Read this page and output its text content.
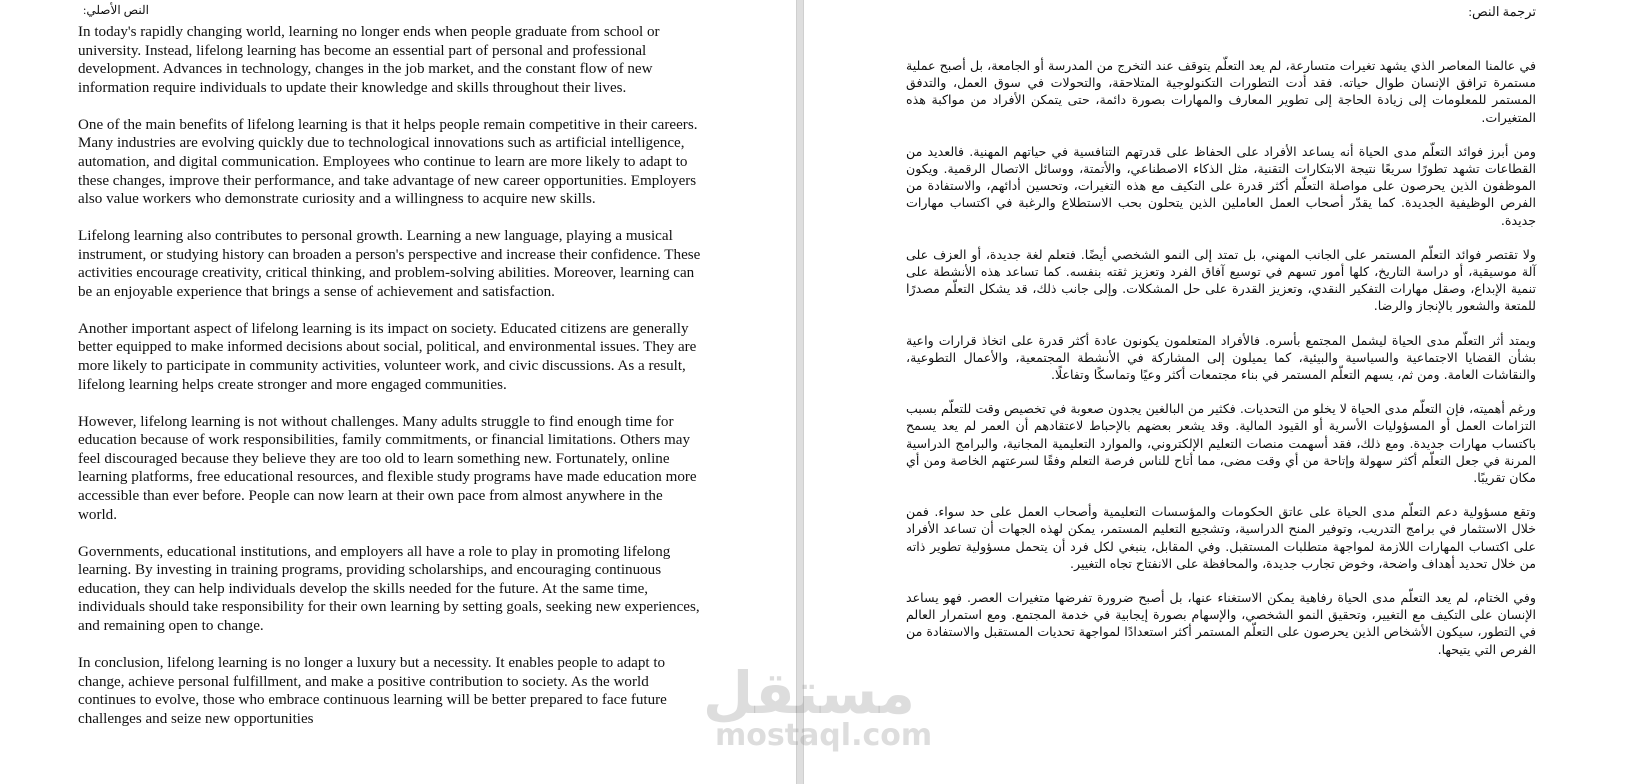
النص الأصلي:

In today's rapidly changing world, learning no longer ends when people graduate from school or university. Instead, lifelong learning has become an essential part of personal and professional development. Advances in technology, changes in the job market, and the constant flow of new information require individuals to update their knowledge and skills throughout their lives.

One of the main benefits of lifelong learning is that it helps people remain competitive in their careers. Many industries are evolving quickly due to technological innovations such as artificial intelligence, automation, and digital communication. Employees who continue to learn are more likely to adapt to these changes, improve their performance, and take advantage of new career opportunities. Employers also value workers who demonstrate curiosity and a willingness to acquire new skills.

Lifelong learning also contributes to personal growth. Learning a new language, playing a musical instrument, or studying history can broaden a person's perspective and increase their confidence. These activities encourage creativity, critical thinking, and problem-solving abilities. Moreover, learning can be an enjoyable experience that brings a sense of achievement and satisfaction.

Another important aspect of lifelong learning is its impact on society. Educated citizens are generally better equipped to make informed decisions about social, political, and environmental issues. They are more likely to participate in community activities, volunteer work, and civic discussions. As a result, lifelong learning helps create stronger and more engaged communities.

However, lifelong learning is not without challenges. Many adults struggle to find enough time for education because of work responsibilities, family commitments, or financial limitations. Others may feel discouraged because they believe they are too old to learn something new. Fortunately, online learning platforms, free educational resources, and flexible study programs have made education more accessible than ever before. People can now learn at their own pace from almost anywhere in the world.

Governments, educational institutions, and employers all have a role to play in promoting lifelong learning. By investing in training programs, providing scholarships, and encouraging continuous education, they can help individuals develop the skills needed for the future. At the same time, individuals should take responsibility for their own learning by setting goals, seeking new experiences, and remaining open to change.

In conclusion, lifelong learning is no longer a luxury but a necessity. It enables people to adapt to change, achieve personal fulfillment, and make a positive contribution to society. As the world continues to evolve, those who embrace continuous learning will be better prepared to face future challenges and seize new opportunities

ترجمة النص:

في عالمنا المعاصر الذي يشهد تغيرات متسارعة، لم يعد التعلّم يتوقف عند التخرج من المدرسة أو الجامعة، بل أصبح عملية مستمرة ترافق الإنسان طوال حياته. فقد أدت التطورات التكنولوجية المتلاحقة، والتحولات في سوق العمل، والتدفق المستمر للمعلومات إلى زيادة الحاجة إلى تطوير المعارف والمهارات بصورة دائمة، حتى يتمكن الأفراد من مواكبة هذه المتغيرات.

ومن أبرز فوائد التعلّم مدى الحياة أنه يساعد الأفراد على الحفاظ على قدرتهم التنافسية في حياتهم المهنية. فالعديد من القطاعات تشهد تطورًا سريعًا نتيجة الابتكارات التقنية، مثل الذكاء الاصطناعي، والأتمتة، ووسائل الاتصال الرقمية. ويكون الموظفون الذين يحرصون على مواصلة التعلّم أكثر قدرة على التكيف مع هذه التغيرات، وتحسين أدائهم، والاستفادة من الفرص الوظيفية الجديدة. كما يقدّر أصحاب العمل العاملين الذين يتحلون بحب الاستطلاع والرغبة في اكتساب مهارات جديدة.

ولا تقتصر فوائد التعلّم المستمر على الجانب المهني، بل تمتد إلى النمو الشخصي أيضًا. فتعلم لغة جديدة، أو العزف على آلة موسيقية، أو دراسة التاريخ، كلها أمور تسهم في توسيع آفاق الفرد وتعزيز ثقته بنفسه. كما تساعد هذه الأنشطة على تنمية الإبداع، وصقل مهارات التفكير النقدي، وتعزيز القدرة على حل المشكلات. وإلى جانب ذلك، قد يشكل التعلّم مصدرًا للمتعة والشعور بالإنجاز والرضا.

ويمتد أثر التعلّم مدى الحياة ليشمل المجتمع بأسره. فالأفراد المتعلمون يكونون عادة أكثر قدرة على اتخاذ قرارات واعية بشأن القضايا الاجتماعية والسياسية والبيئية، كما يميلون إلى المشاركة في الأنشطة المجتمعية، والأعمال التطوعية، والنقاشات العامة. ومن ثم، يسهم التعلّم المستمر في بناء مجتمعات أكثر وعيًا وتماسكًا وتفاعلًا.

ورغم أهميته، فإن التعلّم مدى الحياة لا يخلو من التحديات. فكثير من البالغين يجدون صعوبة في تخصيص وقت للتعلّم بسبب التزامات العمل أو المسؤوليات الأسرية أو القيود المالية. وقد يشعر بعضهم بالإحباط لاعتقادهم أن العمر لم يعد يسمح باكتساب مهارات جديدة. ومع ذلك، فقد أسهمت منصات التعليم الإلكتروني، والموارد التعليمية المجانية، والبرامج الدراسية المرنة في جعل التعلّم أكثر سهولة وإتاحة من أي وقت مضى، مما أتاح للناس فرصة التعلم وفقًا لسرعتهم الخاصة ومن أي مكان تقريبًا.

وتقع مسؤولية دعم التعلّم مدى الحياة على عاتق الحكومات والمؤسسات التعليمية وأصحاب العمل على حد سواء. فمن خلال الاستثمار في برامج التدريب، وتوفير المنح الدراسية، وتشجيع التعليم المستمر، يمكن لهذه الجهات أن تساعد الأفراد على اكتساب المهارات اللازمة لمواجهة متطلبات المستقبل. وفي المقابل، ينبغي لكل فرد أن يتحمل مسؤولية تطوير ذاته من خلال تحديد أهداف واضحة، وخوض تجارب جديدة، والمحافظة على الانفتاح تجاه التغيير.

وفي الختام، لم يعد التعلّم مدى الحياة رفاهية يمكن الاستغناء عنها، بل أصبح ضرورة تفرضها متغيرات العصر. فهو يساعد الإنسان على التكيف مع التغيير، وتحقيق النمو الشخصي، والإسهام بصورة إيجابية في خدمة المجتمع. ومع استمرار العالم في التطور، سيكون الأشخاص الذين يحرصون على التعلّم المستمر أكثر استعدادًا لمواجهة تحديات المستقبل والاستفادة من الفرص التي يتيحها.

مستقل
mostaql.com
